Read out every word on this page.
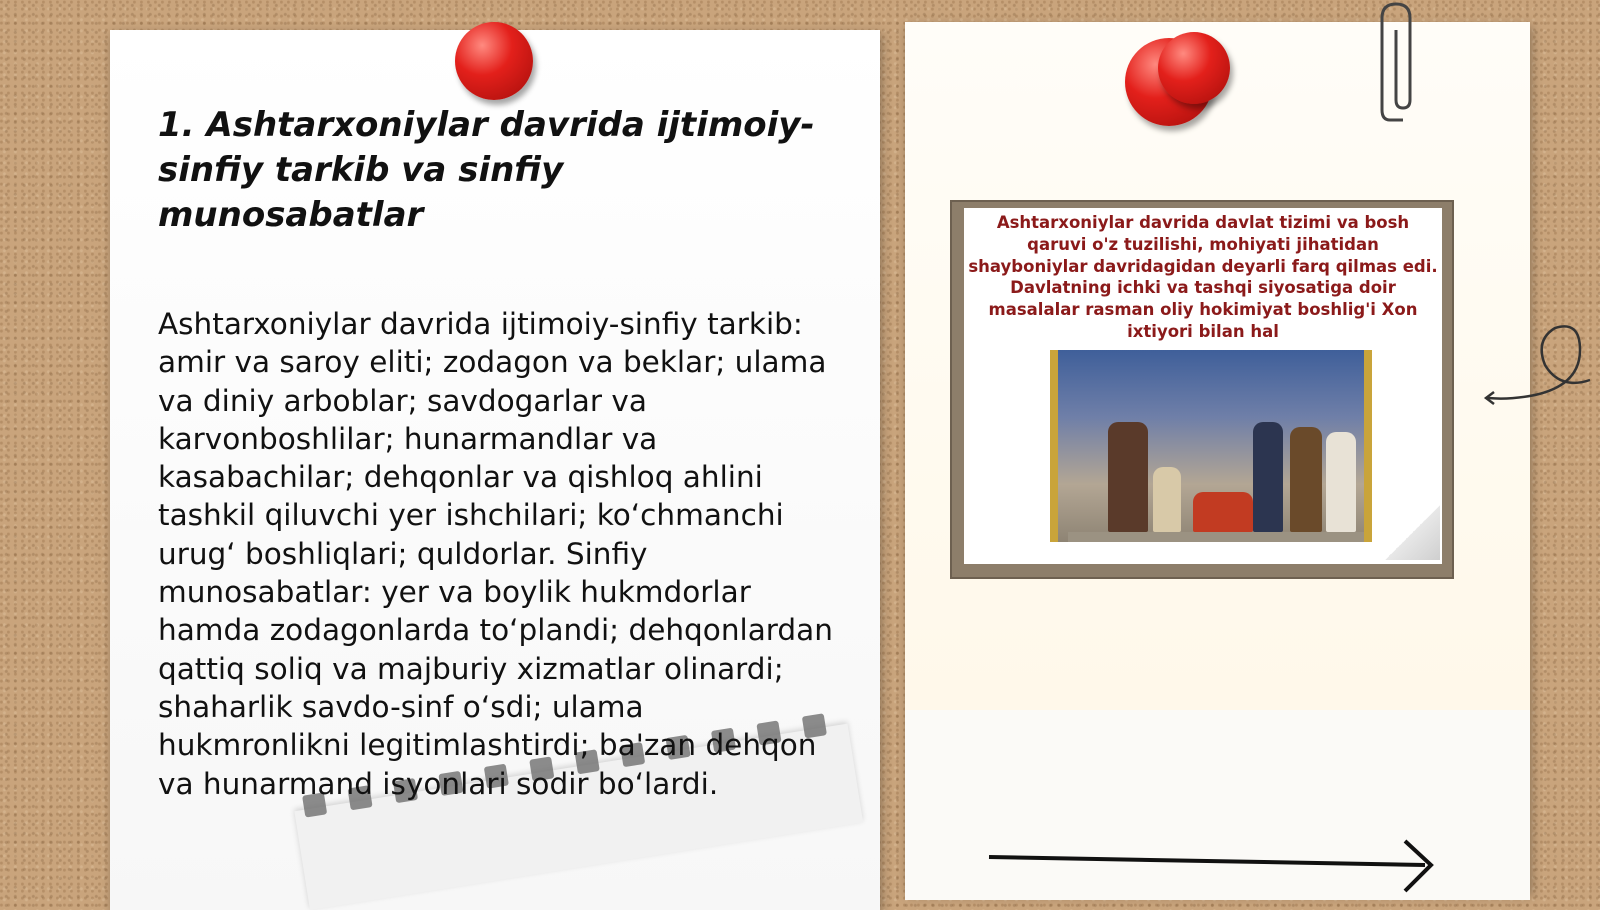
1. Ashtarxoniylar davrida ijtimoiy-sinfiy tarkib va sinfiy munosabatlar
Ashtarxoniylar davrida ijtimoiy-sinfiy tarkib: amir va saroy eliti; zodagon va beklar; ulama va diniy arboblar; savdogarlar va karvonboshlilar; hunarmandlar va kasabachilar; dehqonlar va qishloq ahlini tashkil qiluvchi yer ishchilari; ko‘chmanchi urug‘ boshliqlari; quldorlar. Sinfiy munosabatlar: yer va boylik hukmdorlar hamda zodagonlarda to‘plandi; dehqonlardan qattiq soliq va majburiy xizmatlar olinardi; shaharlik savdo-sinf o‘sdi; ulama hukmronlikni legitimlashtirdi; ba'zan dehqon va hunarmand isyonlari sodir bo‘lardi.
Ashtarxoniylar davrida davlat tizimi va bosh qaruvi o'z tuzilishi, mohiyati jihatidan shayboniylar davridagidan deyarli farq qilmas edi. Davlatning ichki va tashqi siyosatiga doir masalalar rasman oliy hokimiyat boshlig'i Xon ixtiyori bilan hal
